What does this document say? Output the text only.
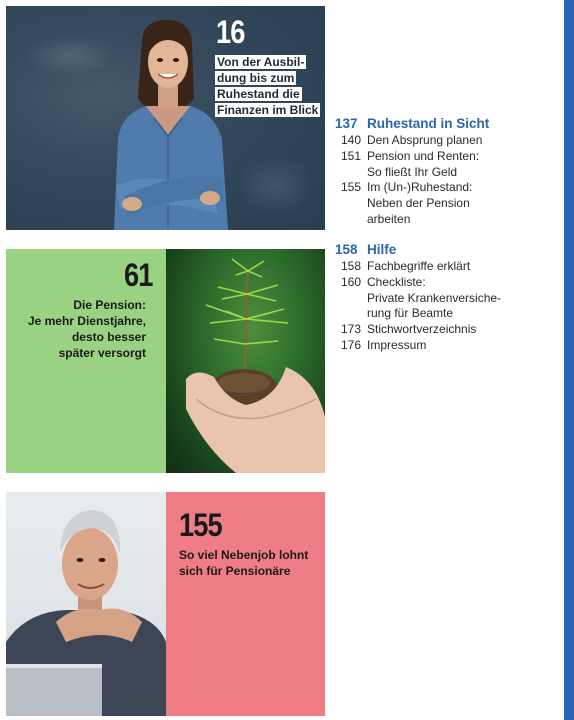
16
Von der Ausbil-
dung bis zum
Ruhestand die
Finanzen im Blick
61
Die Pension:
Je mehr Dienstjahre,
desto besser
später versorgt
155
So viel Nebenjob lohnt
sich für Pensionäre
137 Ruhestand in Sicht
140 Den Absprung planen
151 Pension und Renten:
So fließt Ihr Geld
155 Im (Un-)Ruhestand:
Neben der Pension
arbeiten
158 Hilfe
158 Fachbegriffe erklärt
160 Checkliste:
Private Krankenversiche-
rung für Beamte
173 Stichwortverzeichnis
176 Impressum
